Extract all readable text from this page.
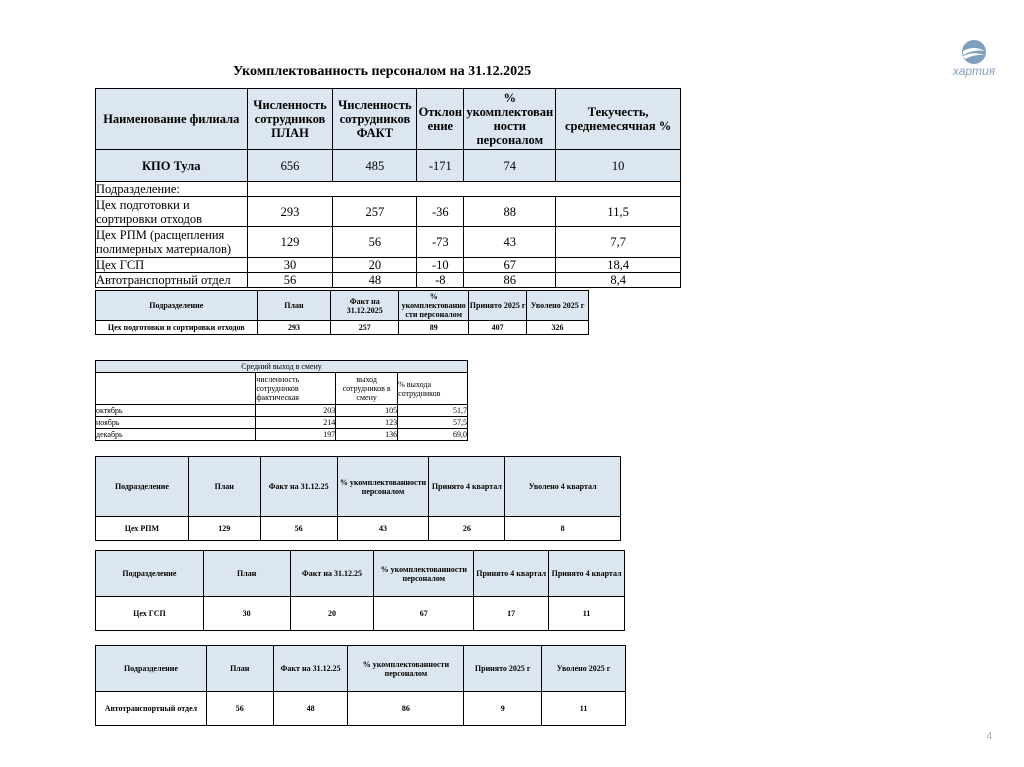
Укомплектованность персоналом на 31.12.2025	хартия
Наименование филиала	Численность сотрудников ПЛАН	Численность сотрудников ФАКТ	Отклон ение	% укомплектован ности персоналом	Текучесть, среднемесячная %
КПО Тула	656	485	-171	74	10
Подразделение:					
Цех подготовки и сортировки отходов	293	257	-36	88	11,5
Цех РПМ (расщепления полимерных материалов)	129	56	-73	43	7,7
Цех ГСП	30	20	-10	67	18,4
Автотранспортный отдел	56	48	-8	86	8,4
Подразделение	План	Факт на 31.12.2025	% укомплектованно сти персоналом	Принято 2025 г	Уволено 2025 г
Цех подготовки и сортировки отходов	293	257	89	407	326
Средний выход в смену			
	численность сотрудников фактическая	выход сотрудников в смену	% выхода сотрудников
октябрь	203	105	51,7
ноябрь	214	123	57,5
декабрь	197	136	69,0
Подразделение	План	Факт на 31.12.25	% укомплектованности персоналом	Принято 4 квартал	Уволено 4 квартал
Цех РПМ	129	56	43	26	8
Подразделение	План	Факт на 31.12.25	% укомплектованности персоналом	Принято 4 квартал	Принято 4 квартал
Цех ГСП	30	20	67	17	11
Подразделение	План	Факт на 31.12.25	% укомплектованности персоналом	Принято 2025 г	Уволено 2025 г
Автотранспортный отдел	56	48	86	9	11
4
